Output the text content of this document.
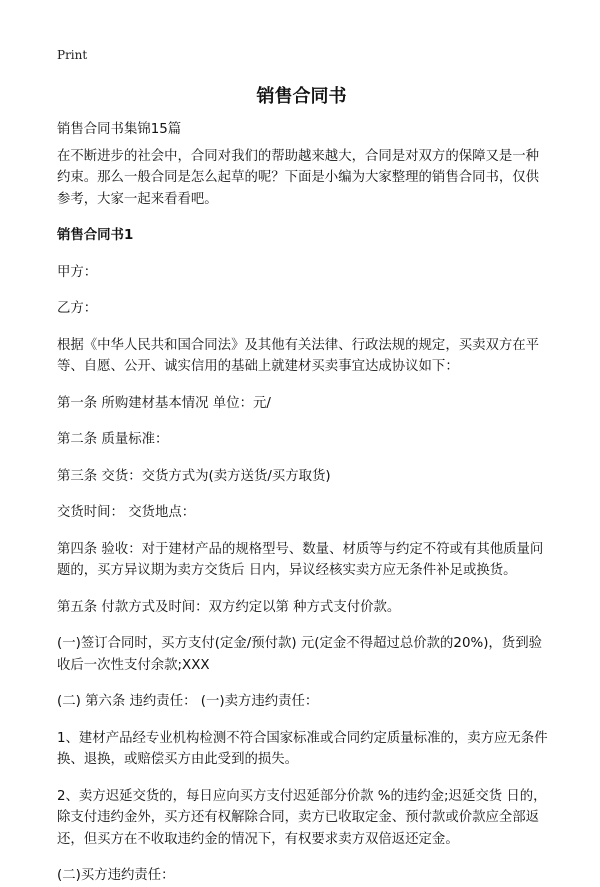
Print
销售合同书

销售合同书集锦15篇

在不断进步的社会中，合同对我们的帮助越来越大，合同是对双方的保障又是一种约束。那么一般合同是怎么起草的呢？下面是小编为大家整理的销售合同书，仅供参考，大家一起来看看吧。

销售合同书1

甲方：

乙方：

根据《中华人民共和国合同法》及其他有关法律、行政法规的规定，买卖双方在平等、自愿、公开、诚实信用的基础上就建材买卖事宜达成协议如下：

第一条 所购建材基本情况 单位：元/

第二条 质量标准：

第三条 交货：交货方式为(卖方送货/买方取货)

交货时间： 交货地点：

第四条 验收：对于建材产品的规格型号、数量、材质等与约定不符或有其他质量问题的，买方异议期为卖方交货后 日内，异议经核实卖方应无条件补足或换货。

第五条 付款方式及时间：双方约定以第 种方式支付价款。

(一)签订合同时，买方支付(定金/预付款) 元(定金不得超过总价款的20%)，货到验收后一次性支付余款;XXX

(二) 第六条 违约责任： (一)卖方违约责任：

1、建材产品经专业机构检测不符合国家标准或合同约定质量标准的，卖方应无条件换、退换，或赔偿买方由此受到的损失。

2、卖方迟延交货的，每日应向买方支付迟延部分价款 %的违约金;迟延交货 日的，除支付违约金外，买方还有权解除合同，卖方已收取定金、预付款或价款应全部返还，但买方在不收取违约金的情况下，有权要求卖方双倍返还定金。

(二)买方违约责任：
